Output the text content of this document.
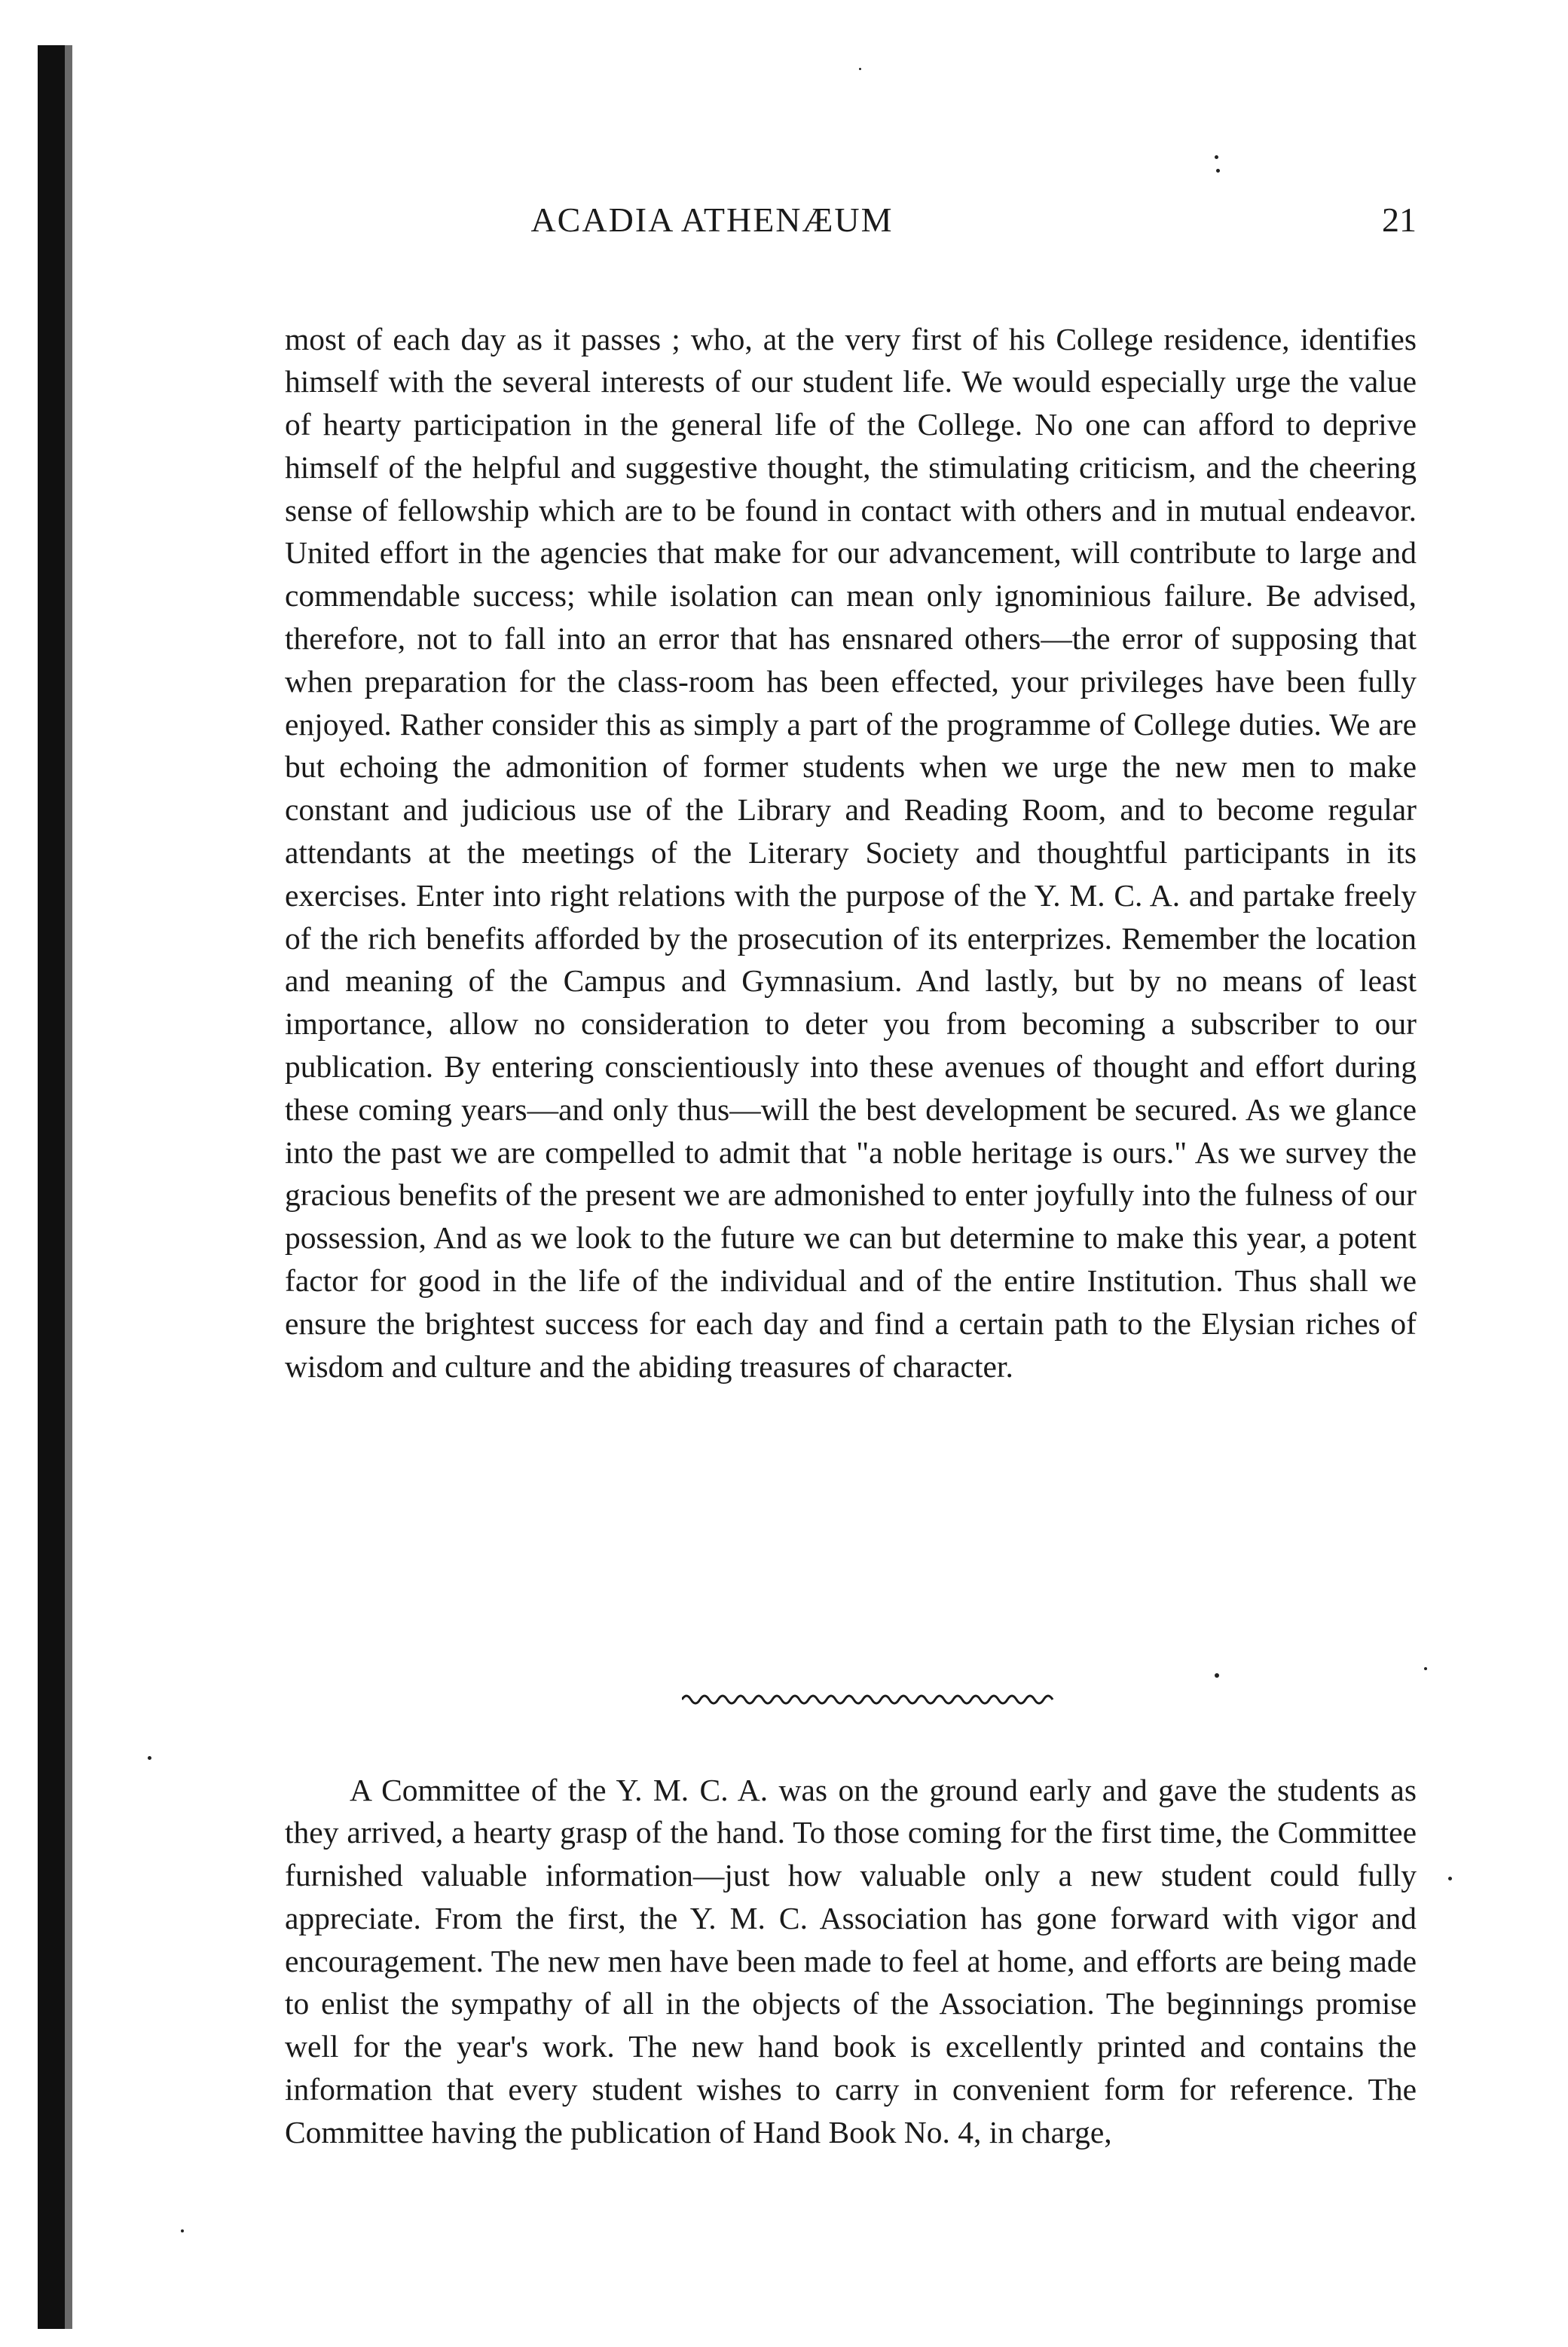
ACADIA ATHENÆUM	21

most of each day as it passes ; who, at the very first of his College residence, identifies himself with the several interests of our student life. We would especially urge the value of hearty participation in the general life of the College. No one can afford to deprive himself of the helpful and suggestive thought, the stimulating criticism, and the cheering sense of fellowship which are to be found in contact with others and in mutual endeavor. United effort in the agencies that make for our advancement, will contribute to large and commendable success; while isolation can mean only ignominious failure. Be advised, therefore, not to fall into an error that has ensnared others—the error of supposing that when preparation for the class-room has been effected, your privileges have been fully enjoyed. Rather consider this as simply a part of the programme of College duties. We are but echoing the admonition of former students when we urge the new men to make constant and judicious use of the Library and Reading Room, and to become regular attendants at the meetings of the Literary Society and thoughtful participants in its exercises. Enter into right relations with the purpose of the Y. M. C. A. and partake freely of the rich benefits afforded by the prosecution of its enterprizes. Remember the location and meaning of the Campus and Gymnasium. And lastly, but by no means of least importance, allow no consideration to deter you from becoming a subscriber to our publication. By entering conscientiously into these avenues of thought and effort during these coming years—and only thus—will the best development be secured. As we glance into the past we are compelled to admit that "a noble heritage is ours." As we survey the gracious benefits of the present we are admonished to enter joyfully into the fulness of our possession, And as we look to the future we can but determine to make this year, a potent factor for good in the life of the individual and of the entire Institution. Thus shall we ensure the brightest success for each day and find a certain path to the Elysian riches of wisdom and culture and the abiding treasures of character.

A Committee of the Y. M. C. A. was on the ground early and gave the students as they arrived, a hearty grasp of the hand. To those coming for the first time, the Committee furnished valuable information—just how valuable only a new student could fully appreciate. From the first, the Y. M. C. Association has gone forward with vigor and encouragement. The new men have been made to feel at home, and efforts are being made to enlist the sympathy of all in the objects of the Association. The beginnings promise well for the year's work. The new hand book is excellently printed and contains the information that every student wishes to carry in convenient form for reference. The Committee having the publication of Hand Book No. 4, in charge,
